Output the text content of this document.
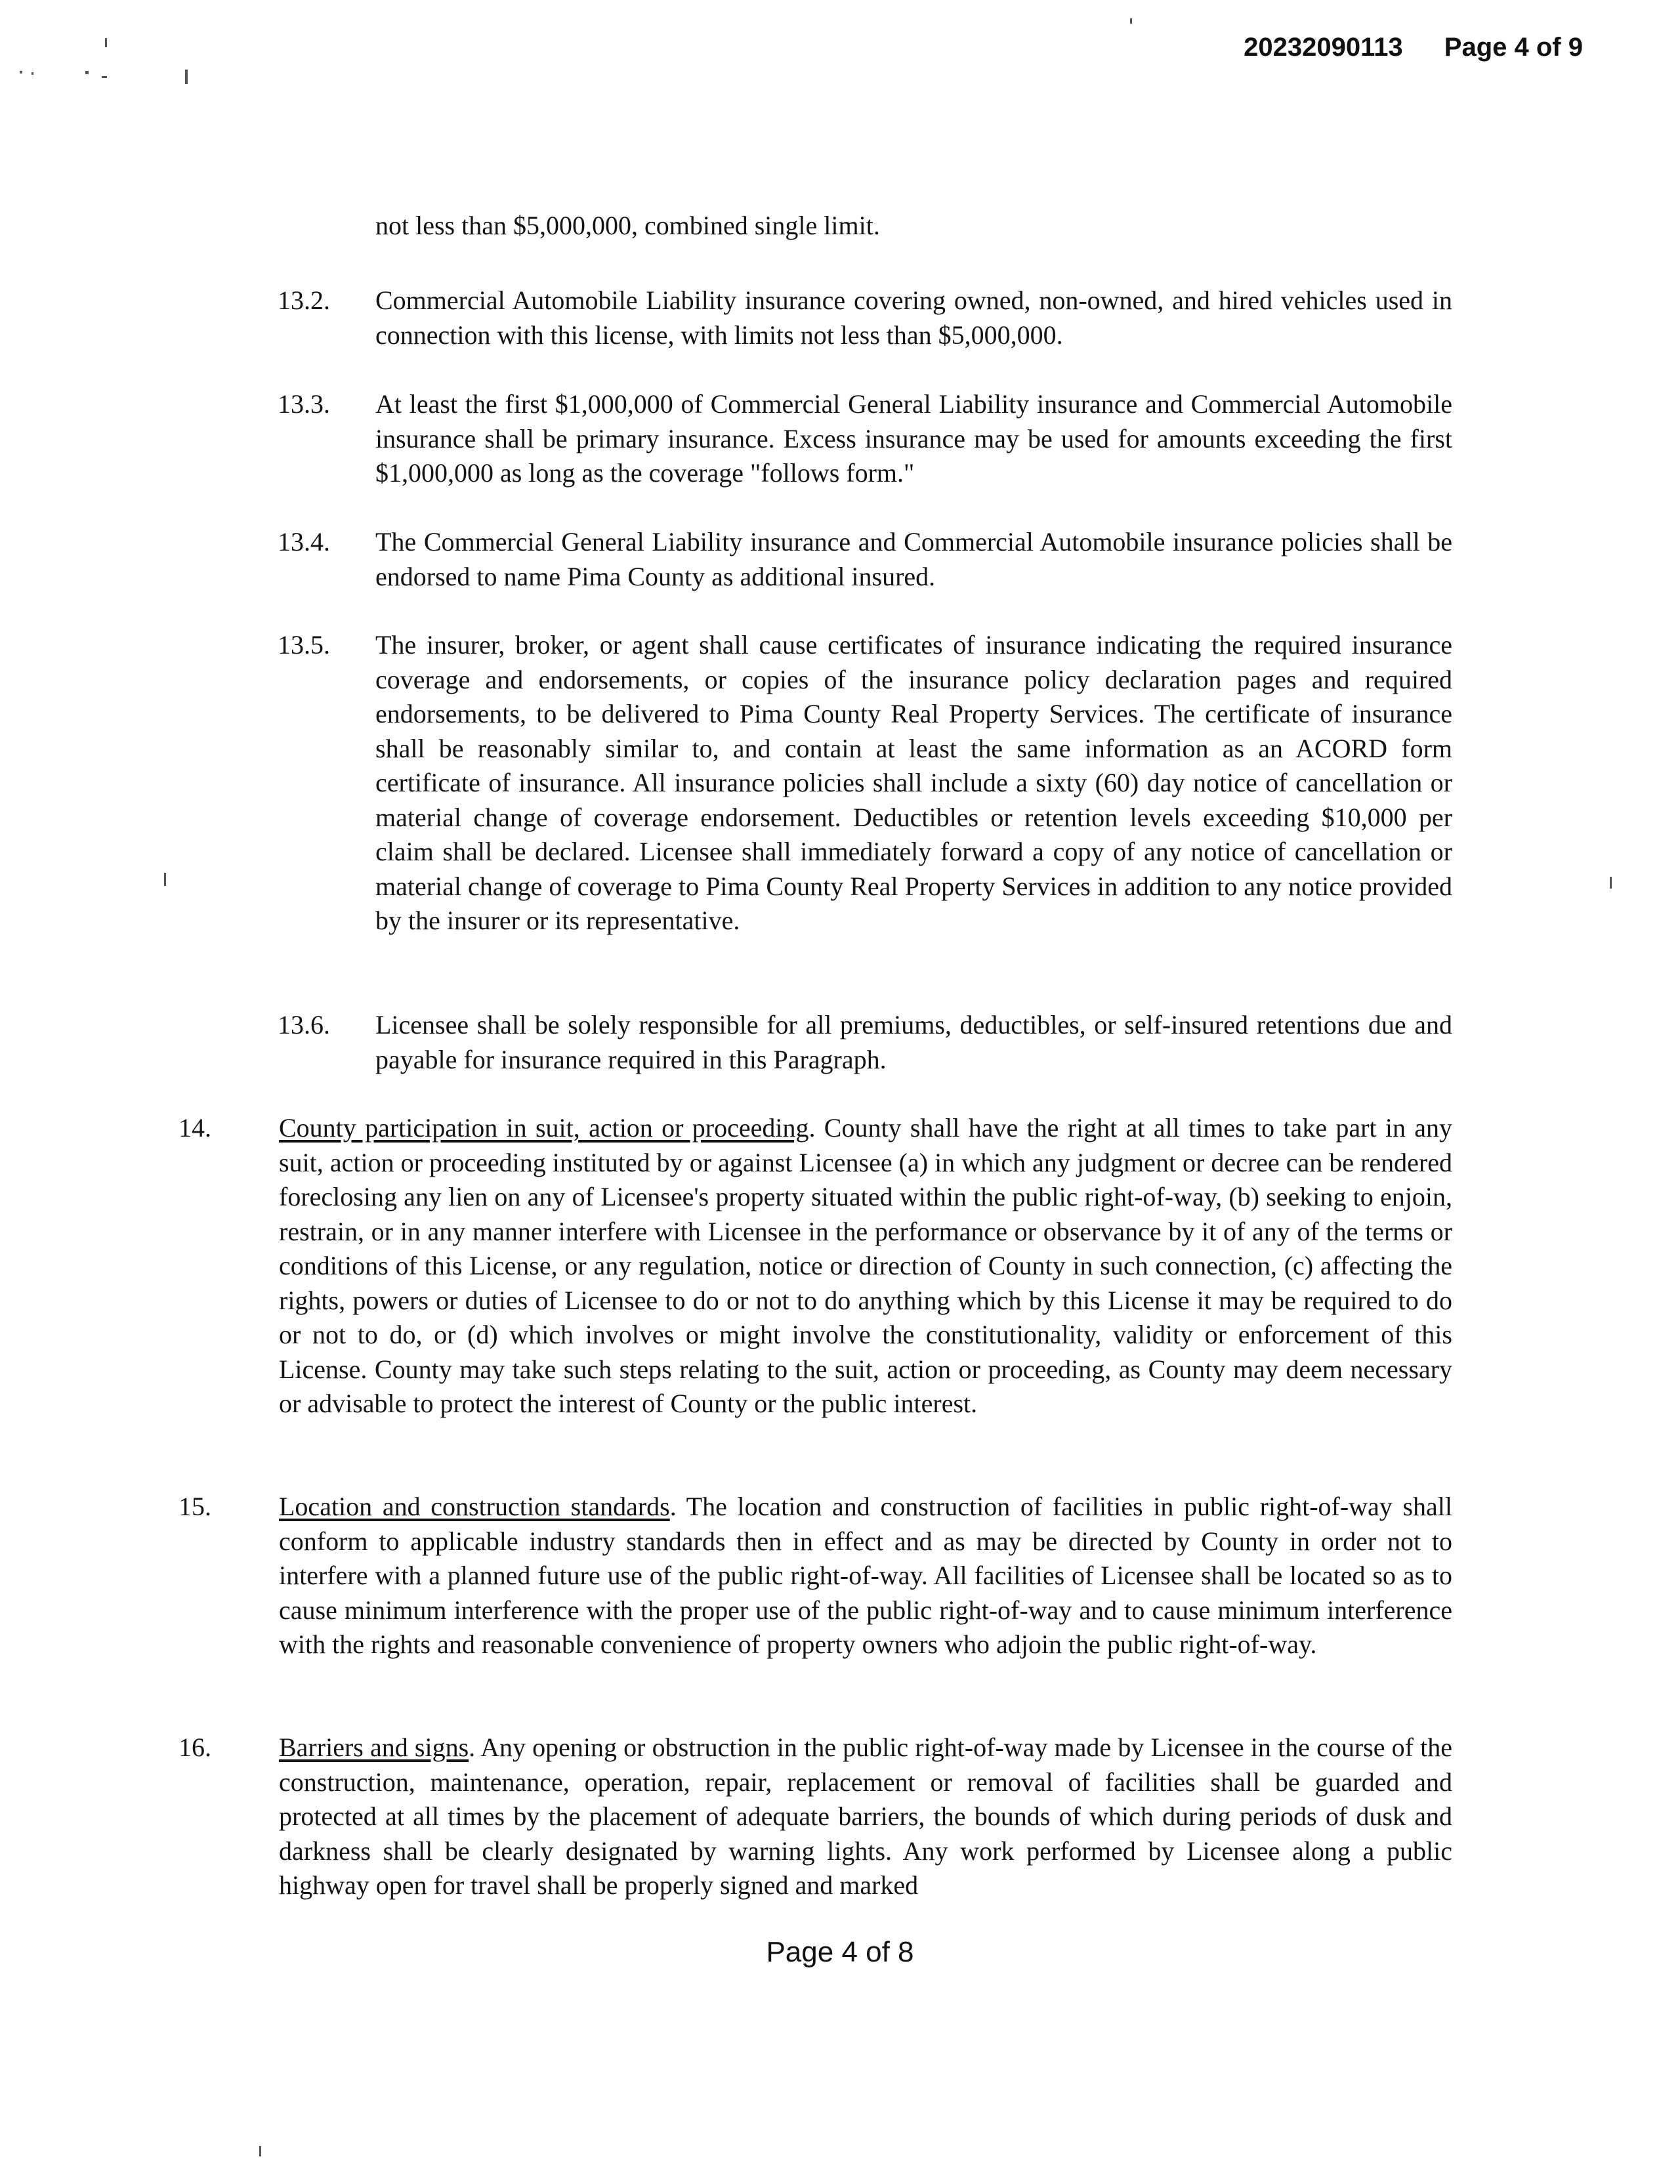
20232090113 Page 4 of 9
not less than $5,000,000, combined single limit.
13.2. Commercial Automobile Liability insurance covering owned, non-owned, and hired vehicles used in connection with this license, with limits not less than $5,000,000.
13.3. At least the first $1,000,000 of Commercial General Liability insurance and Commercial Automobile insurance shall be primary insurance. Excess insurance may be used for amounts exceeding the first $1,000,000 as long as the coverage "follows form."
13.4. The Commercial General Liability insurance and Commercial Automobile insurance policies shall be endorsed to name Pima County as additional insured.
13.5. The insurer, broker, or agent shall cause certificates of insurance indicating the required insurance coverage and endorsements, or copies of the insurance policy declaration pages and required endorsements, to be delivered to Pima County Real Property Services. The certificate of insurance shall be reasonably similar to, and contain at least the same information as an ACORD form certificate of insurance. All insurance policies shall include a sixty (60) day notice of cancellation or material change of coverage endorsement. Deductibles or retention levels exceeding $10,000 per claim shall be declared. Licensee shall immediately forward a copy of any notice of cancellation or material change of coverage to Pima County Real Property Services in addition to any notice provided by the insurer or its representative.
13.6. Licensee shall be solely responsible for all premiums, deductibles, or self-insured retentions due and payable for insurance required in this Paragraph.
14.	County participation in suit, action or proceeding. County shall have the right at all times to take part in any suit, action or proceeding instituted by or against Licensee (a) in which any judgment or decree can be rendered foreclosing any lien on any of Licensee's property situated within the public right-of-way, (b) seeking to enjoin, restrain, or in any manner interfere with Licensee in the performance or observance by it of any of the terms or conditions of this License, or any regulation, notice or direction of County in such connection, (c) affecting the rights, powers or duties of Licensee to do or not to do anything which by this License it may be required to do or not to do, or (d) which involves or might involve the constitutionality, validity or enforcement of this License. County may take such steps relating to the suit, action or proceeding, as County may deem necessary or advisable to protect the interest of County or the public interest.
15.	Location and construction standards. The location and construction of facilities in public right-of-way shall conform to applicable industry standards then in effect and as may be directed by County in order not to interfere with a planned future use of the public right-of-way. All facilities of Licensee shall be located so as to cause minimum interference with the proper use of the public right-of-way and to cause minimum interference with the rights and reasonable convenience of property owners who adjoin the public right-of-way.
16.	Barriers and signs. Any opening or obstruction in the public right-of-way made by Licensee in the course of the construction, maintenance, operation, repair, replacement or removal of facilities shall be guarded and protected at all times by the placement of adequate barriers, the bounds of which during periods of dusk and darkness shall be clearly designated by warning lights. Any work performed by Licensee along a public highway open for travel shall be properly signed and marked
Page 4 of 8
